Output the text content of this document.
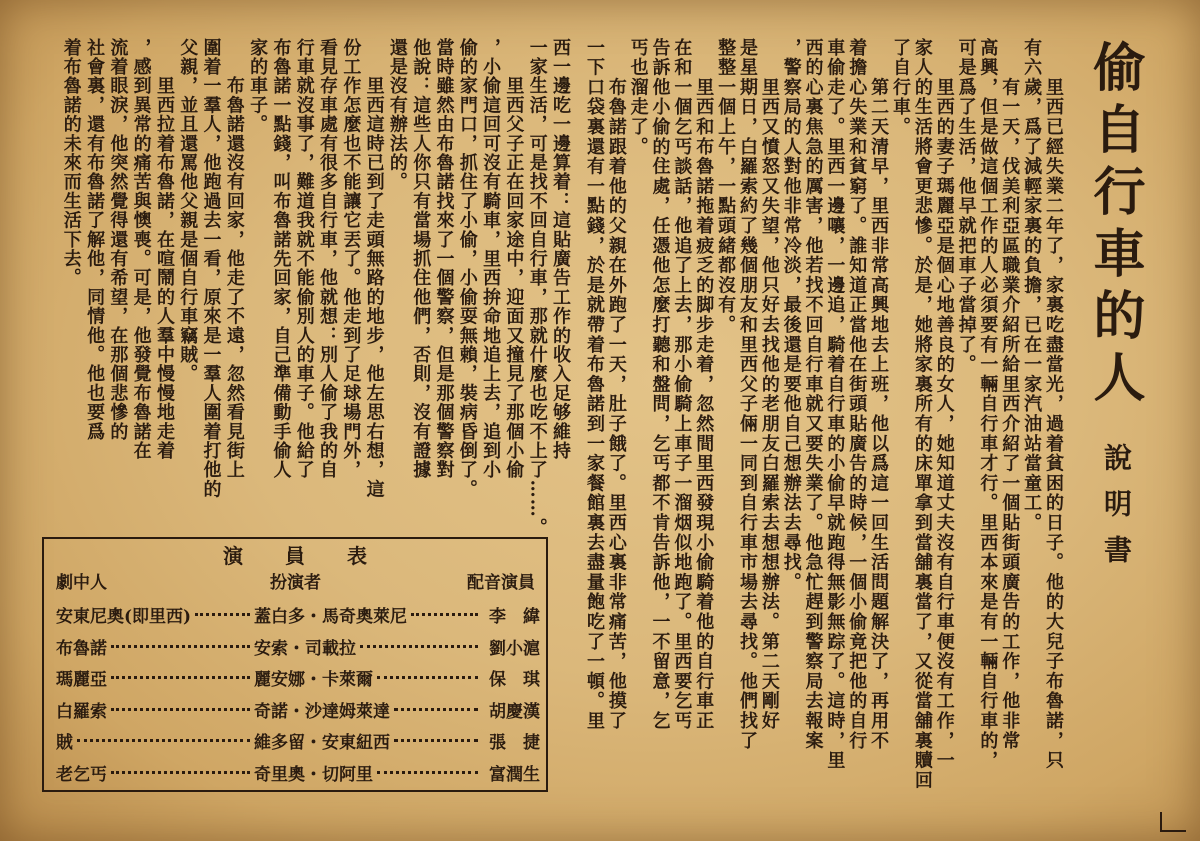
偷自行車的人
說明書
　　里西已經失業二年了，家裏吃盡當光，過着貧困的日子。他的大兒子布魯諾，只
有六歲，爲了減輕家裏的負擔，已在一家汽油站當童工。
　　有一天，伐美利亞區職業介紹所給里西介紹了一個貼街頭廣告的工作，他非常
高興，但是做這個工作的人必須要有一輛自行車才行。里西本來是有一輛自行車的，
可是爲了生活，他早就把車子當掉了。
　　里西的妻子瑪麗亞是個心地善良的女人，她知道丈夫沒有自行車便沒有工作，一
家人的生活將會更悲慘。於是，她將家裏所有的床單拿到當舖裏當了，又從當舖裏贖回
了自行車。
　　第二天清早，里西非常高興地去上班，他以爲這一回生活問題解決了，再用不
着擔心失業和貧窮了。誰知道正當他在街頭貼廣告的時候，一個小偷竟把他的自行
車偷走了。里西一邊嚷，一邊追，騎着自行車的小偷早就跑得無影無踪了。這時，里
西的心裏焦急的厲害，他若找不回自行車就又要失業了。他急忙趕到警察局去報案
，警察局的人對他非常冷淡，最後還是要他自己想辦法去尋找。
　　里西又憤怒又失望，他只好去找他的老朋友白羅索去想想辦法。第二天剛好
是星期日，白羅索約了幾個朋友和里西父子倆一同到自行車市場去尋找。他們找了
整整一個上午，一點頭緒都沒有。
　　里西和布魯諾拖着疲乏的脚步走着，忽然間里西發現小偷騎着他的自行車正
在和一個乞丐談話，他追了上去，那小偷騎上車子一溜烟似地跑了。里西要乞丐
告訴他小偷的住處，任憑他怎麼打聽和盤問，乞丐都不肯告訴他，一不留意，乞
丐也溜走了。
　　布魯諾跟着他的父親在外跑了一天，肚子餓了。里西心裏非常痛苦，他摸了
一下口袋裏還有一點錢，於是就帶着布魯諾到一家餐館裏去盡量飽吃了一頓。里
西一邊吃一邊算着：這貼廣告工作的收入足够維持
一家生活，可是找不回自行車，那就什麼也吃不上了……。
　　里西父子正在回家途中，迎面又撞見了那個小偷
，小偷這回可沒有騎車，里西拚命地追上去，追到小
偷的家門口，抓住了小偷，小偷耍無賴，裝病昏倒了。
當時雖然由布魯諾找來了一個警察，但是那個警察對
他說：這些人你只有當場抓住他們，否則，沒有證據
還是沒有辦法的。
　　里西這時已到了走頭無路的地步，他左思右想，這
份工作怎麼也不能讓它丟了。他走到了足球場門外，
看見存車處有很多自行車，他就想：別人偷了我的自
行車就沒事了，難道我就不能偷別人的車子。他給了
布魯諾一點錢，叫布魯諾先回家，自己準備動手偷人
家的車子。
　　布魯諾還沒有回家，他走了不遠，忽然看見街上
圍着一羣人，他跑過去一看，原來是一羣人圍着打他的
父親，並且還罵他父親是個自行車竊賊。
　　里西拉着布魯諾，在喧鬧的人羣中慢慢地走着
，感到異常的痛苦與懊喪。可是，他發覺布魯諾在
流着眼淚，他突然覺得還有希望，在那個悲慘的
社會裏，還有布魯諾了解他，同情他。他也要爲
着布魯諾的未來而生活下去。
演　員　表
劇中人	扮演者	配音演員
安東尼奧(即里西)	蓋白多・馬奇奧萊尼	李　緯
布魯諾	安索・司載拉	劉小滬
瑪麗亞	麗安娜・卡萊爾	保　琪
白羅索	奇諾・沙達姆萊達	胡慶漢
賊	維多留・安東紐西	張　捷
老乞丐	奇里奧・切阿里	富潤生
